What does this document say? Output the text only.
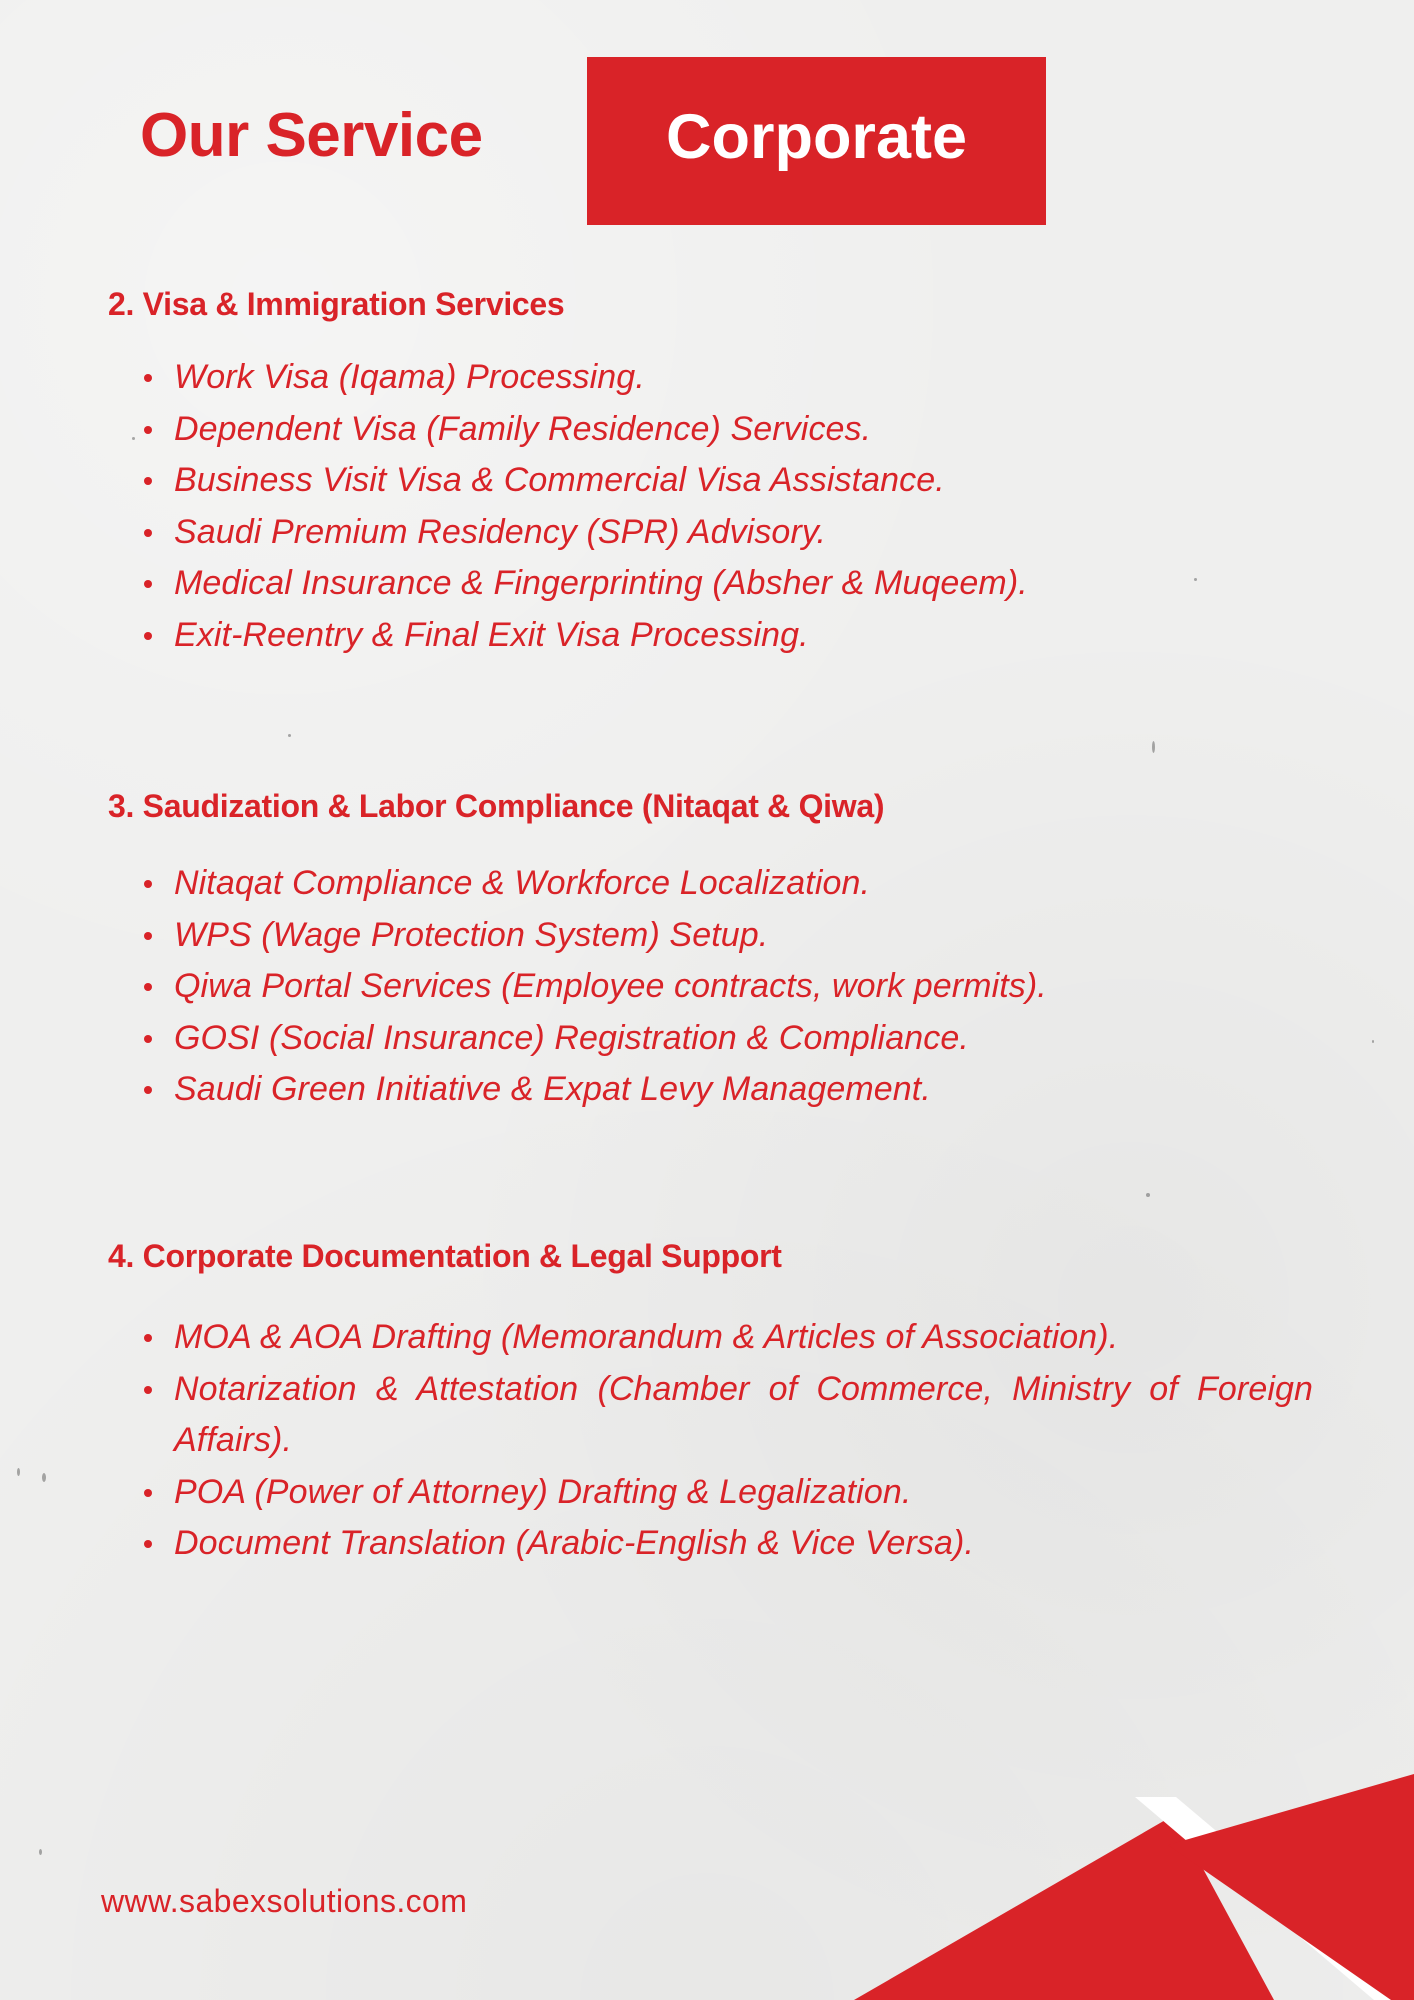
Our Service	Corporate
2. Visa & Immigration Services
Work Visa (Iqama) Processing.
Dependent Visa (Family Residence) Services.
Business Visit Visa & Commercial Visa Assistance.
Saudi Premium Residency (SPR) Advisory.
Medical Insurance & Fingerprinting (Absher & Muqeem).
Exit-Reentry & Final Exit Visa Processing.
3. Saudization & Labor Compliance (Nitaqat & Qiwa)
Nitaqat Compliance & Workforce Localization.
WPS (Wage Protection System) Setup.
Qiwa Portal Services (Employee contracts, work permits).
GOSI (Social Insurance) Registration & Compliance.
Saudi Green Initiative & Expat Levy Management.
4. Corporate Documentation & Legal Support
MOA & AOA Drafting (Memorandum & Articles of Association).
Notarization & Attestation (Chamber of Commerce, Ministry of Foreign Affairs).
POA (Power of Attorney) Drafting & Legalization.
Document Translation (Arabic-English & Vice Versa).

www.sabexsolutions.com
